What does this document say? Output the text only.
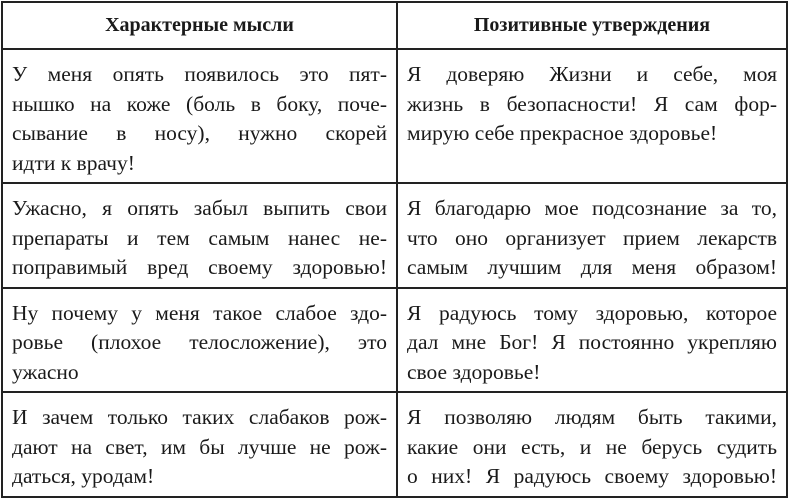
Характерные мысли	Позитивные утверждения

У меня опять появилось это пят-
нышко на коже (боль в боку, поче-
сывание в носу), нужно скорей
идти к врачу!	Я доверяю Жизни и себе, моя
жизнь в безопасности! Я сам фор-
мирую себе прекрасное здоровье!

Ужасно, я опять забыл выпить свои
препараты и тем самым нанес не-
поправимый вред своему здоровью!	Я благодарю мое подсознание за то,
что оно организует прием лекарств
самым лучшим для меня образом!

Ну почему у меня такое слабое здо-
ровье (плохое телосложение), это
ужасно	Я радуюсь тому здоровью, которое
дал мне Бог! Я постоянно укрепляю
свое здоровье!

И зачем только таких слабаков рож-
дают на свет, им бы лучше не рож-
даться, уродам!	Я позволяю людям быть такими,
какие они есть, и не берусь судить
о них! Я радуюсь своему здоровью!
